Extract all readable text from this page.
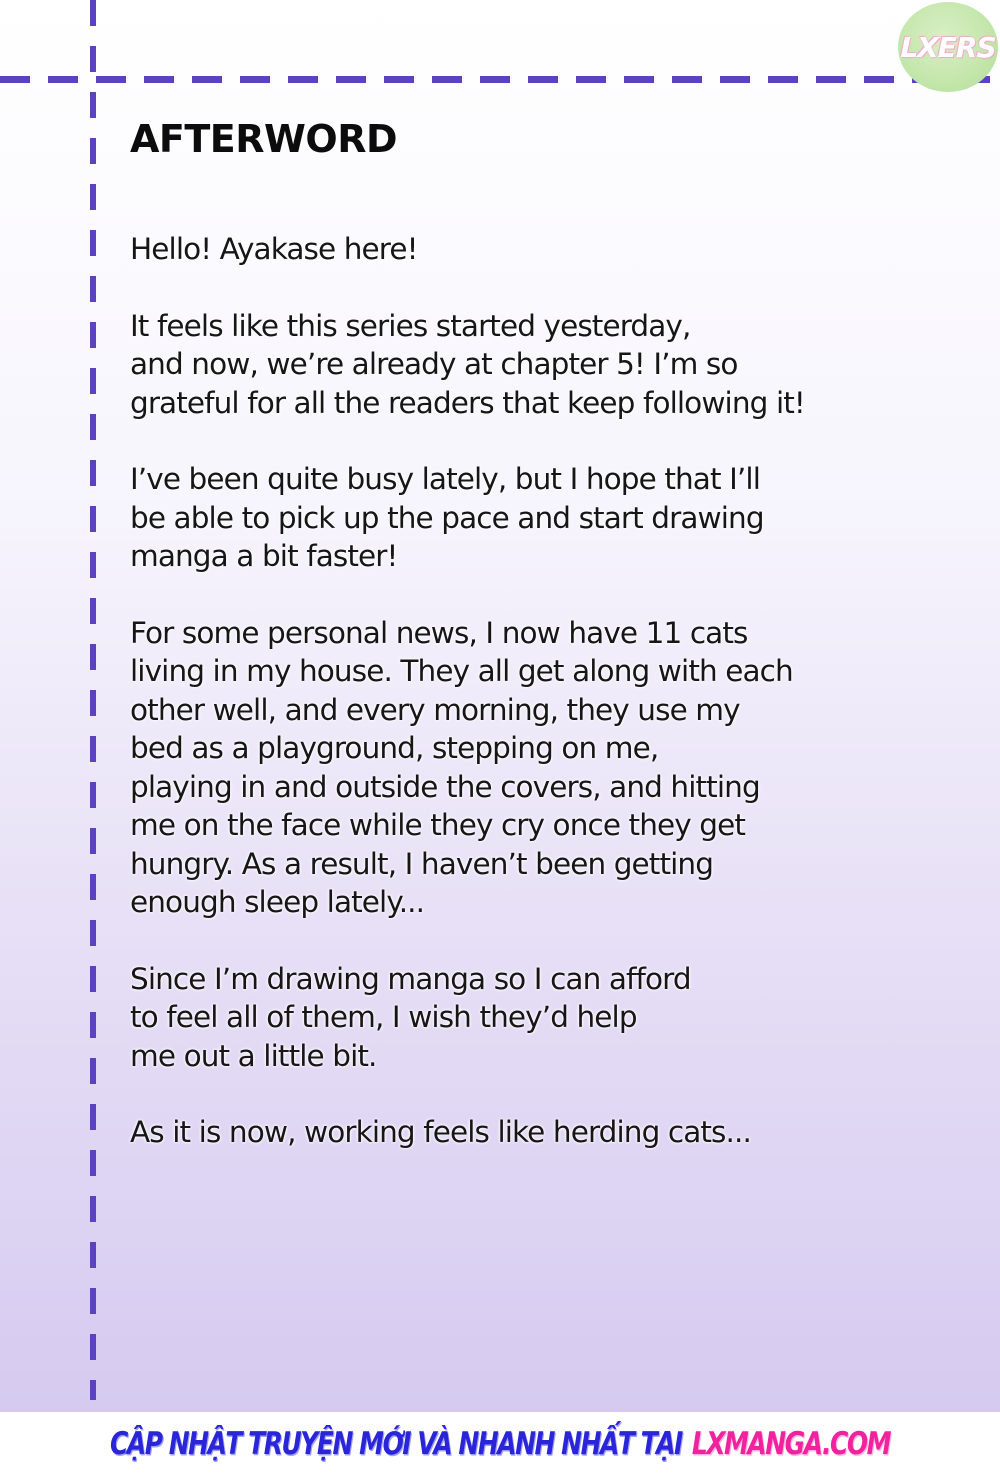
LXERS
AFTERWORD

Hello! Ayakase here!

It feels like this series started yesterday,
and now, we’re already at chapter 5! I’m so
grateful for all the readers that keep following it!

I’ve been quite busy lately, but I hope that I’ll
be able to pick up the pace and start drawing
manga a bit faster!

For some personal news, I now have 11 cats
living in my house. They all get along with each
other well, and every morning, they use my
bed as a playground, stepping on me,
playing in and outside the covers, and hitting
me on the face while they cry once they get
hungry. As a result, I haven’t been getting
enough sleep lately...

Since I’m drawing manga so I can afford
to feel all of them, I wish they’d help
me out a little bit.

As it is now, working feels like herding cats...

CẬP NHẬT TRUYỆN MỚI VÀ NHANH NHẤT TẠI LXMANGA.COM
